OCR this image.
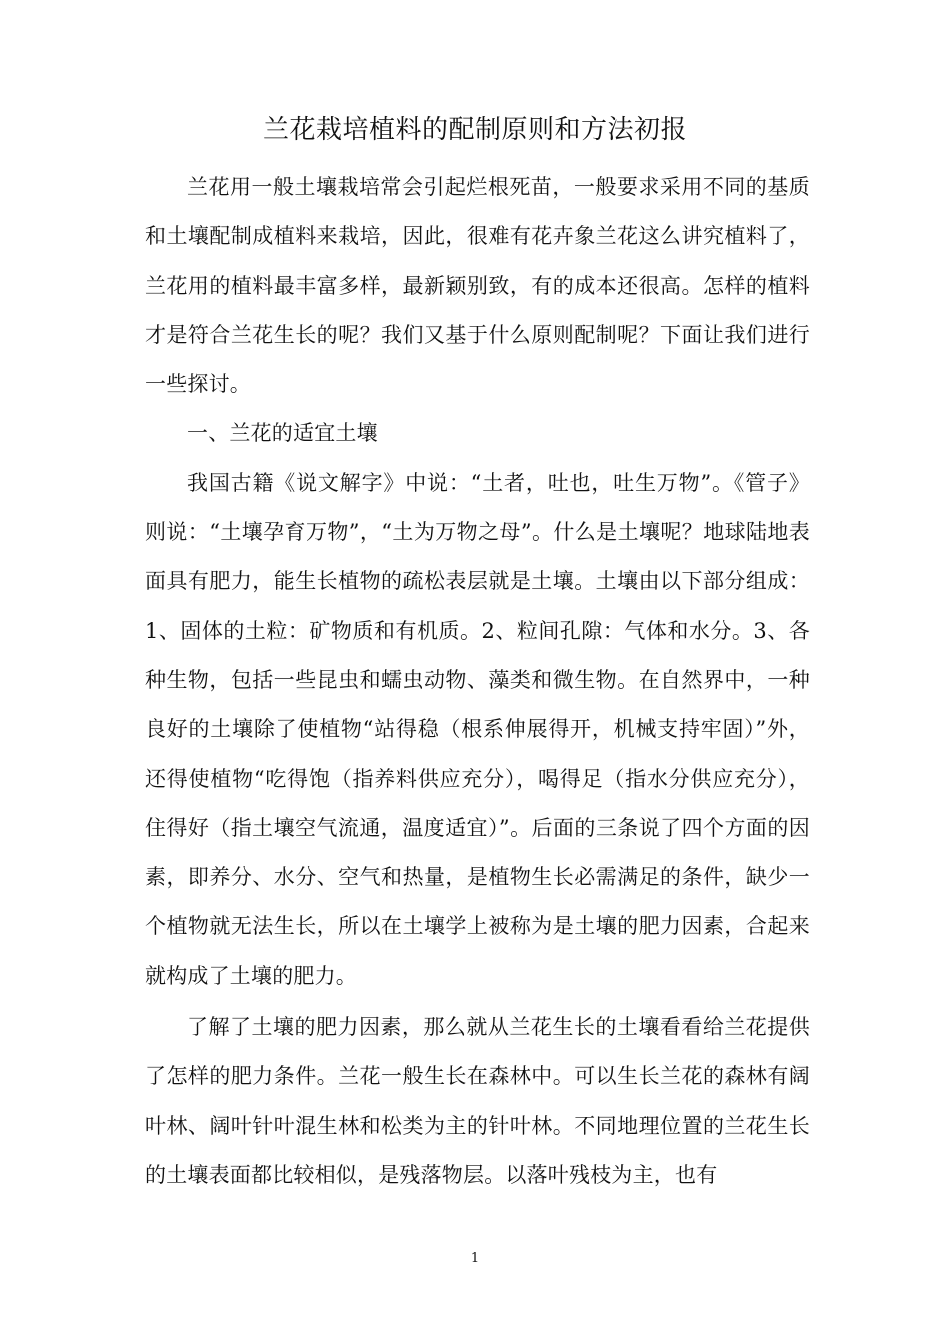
兰花栽培植料的配制原则和方法初报

兰花用一般土壤栽培常会引起烂根死苗，一般要求采用不同的基质和土壤配制成植料来栽培，因此，很难有花卉象兰花这么讲究植料了，兰花用的植料最丰富多样，最新颖别致，有的成本还很高。怎样的植料才是符合兰花生长的呢？我们又基于什么原则配制呢？下面让我们进行一些探讨。

一、兰花的适宜土壤

我国古籍《说文解字》中说：“土者，吐也，吐生万物”。《管子》则说：“土壤孕育万物”，“土为万物之母”。什么是土壤呢？地球陆地表面具有肥力，能生长植物的疏松表层就是土壤。土壤由以下部分组成：1、固体的土粒：矿物质和有机质。2、粒间孔隙：气体和水分。3、各种生物，包括一些昆虫和蠕虫动物、藻类和微生物。在自然界中，一种良好的土壤除了使植物“站得稳（根系伸展得开，机械支持牢固）”外，还得使植物“吃得饱（指养料供应充分），喝得足（指水分供应充分），住得好（指土壤空气流通，温度适宜）”。后面的三条说了四个方面的因素，即养分、水分、空气和热量，是植物生长必需满足的条件，缺少一个植物就无法生长，所以在土壤学上被称为是土壤的肥力因素，合起来就构成了土壤的肥力。

了解了土壤的肥力因素，那么就从兰花生长的土壤看看给兰花提供了怎样的肥力条件。兰花一般生长在森林中。可以生长兰花的森林有阔叶林、阔叶针叶混生林和松类为主的针叶林。不同地理位置的兰花生长的土壤表面都比较相似，是残落物层。以落叶残枝为主，也有

1
